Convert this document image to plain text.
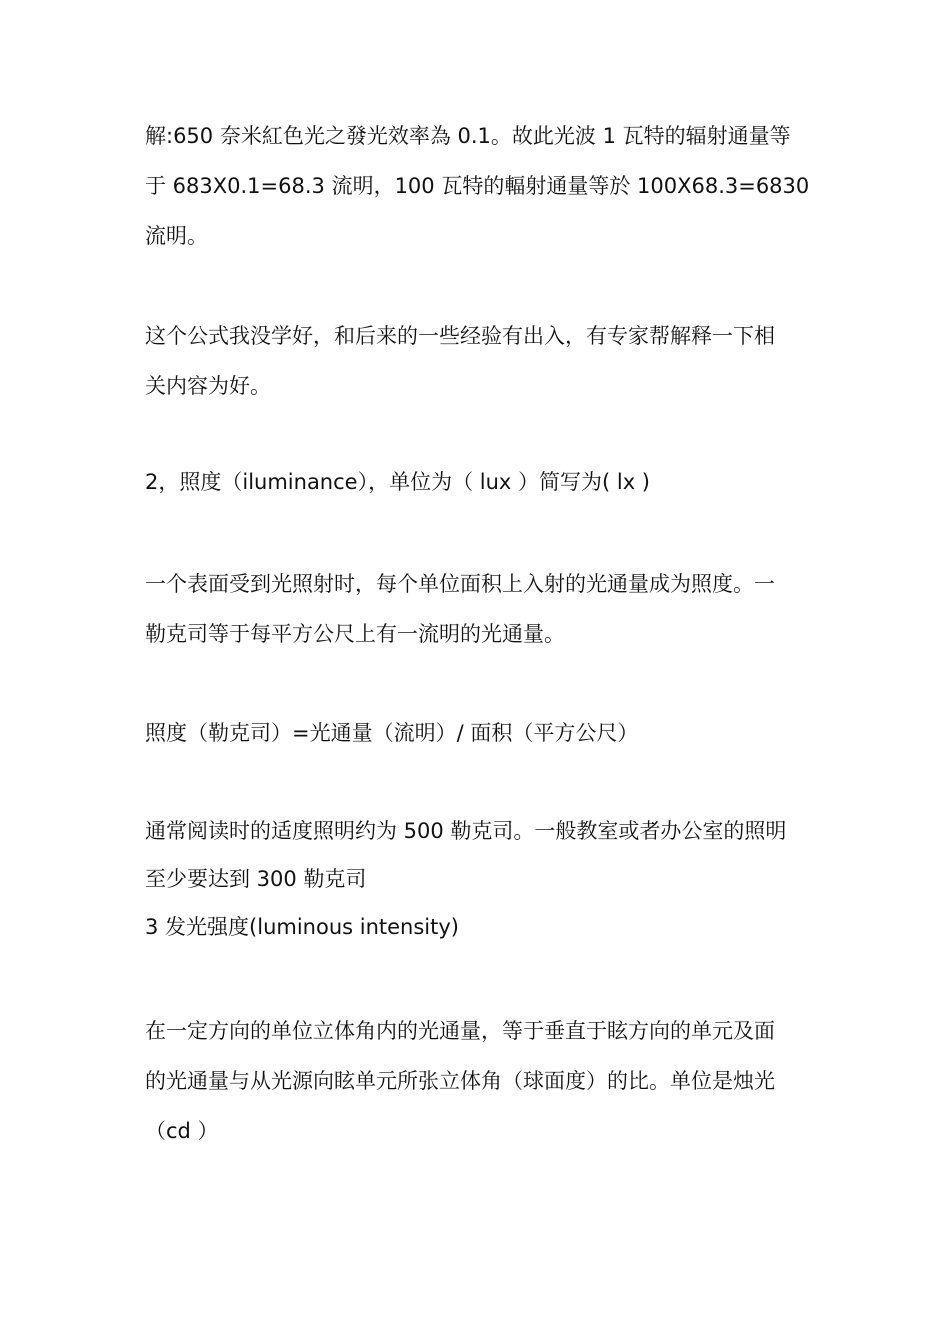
解:650 奈米紅色光之發光效率為 0.1。故此光波 1 瓦特的辐射通量等
于 683X0.1=68.3 流明，100 瓦特的輻射通量等於 100X68.3=6830
流明。

这个公式我没学好，和后来的一些经验有出入，有专家帮解释一下相
关内容为好。

2，照度（iluminance），单位为（ lux ）简写为( lx )

一个表面受到光照射时，每个单位面积上入射的光通量成为照度。一
勒克司等于每平方公尺上有一流明的光通量。

照度（勒克司）=光通量（流明）/ 面积（平方公尺）

通常阅读时的适度照明约为 500 勒克司。一般教室或者办公室的照明
至少要达到 300 勒克司
3 发光强度(luminous intensity)

在一定方向的单位立体角内的光通量，等于垂直于眩方向的单元及面
的光通量与从光源向眩单元所张立体角（球面度）的比。单位是烛光
（cd ）
